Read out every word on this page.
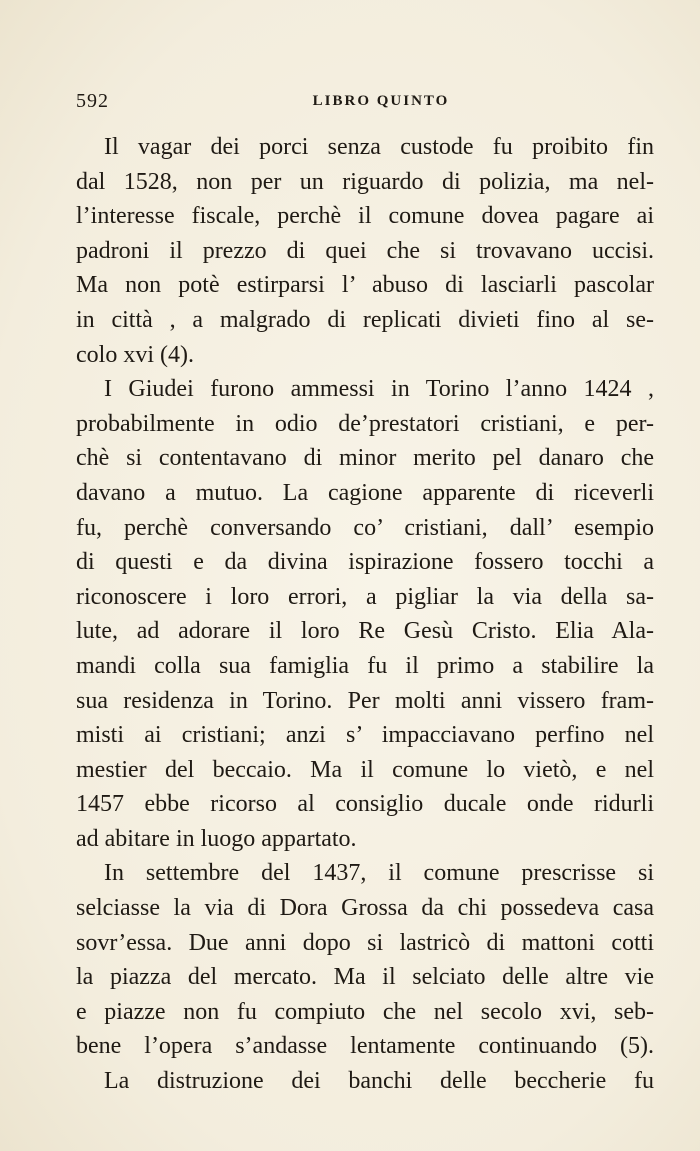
592	LIBRO QUINTO
Il vagar dei porci senza custode fu proibito fin
dal 1528, non per un riguardo di polizia, ma nel-
l’interesse fiscale, perchè il comune dovea pagare ai
padroni il prezzo di quei che si trovavano uccisi.
Ma non potè estirparsi l’ abuso di lasciarli pascolar
in città , a malgrado di replicati divieti fino al se-
colo xvi (4).
I Giudei furono ammessi in Torino l’anno 1424 ,
probabilmente in odio de’prestatori cristiani, e per-
chè si contentavano di minor merito pel danaro che
davano a mutuo. La cagione apparente di riceverli
fu, perchè conversando co’ cristiani, dall’ esempio
di questi e da divina ispirazione fossero tocchi a
riconoscere i loro errori, a pigliar la via della sa-
lute, ad adorare il loro Re Gesù Cristo. Elia Ala-
mandi colla sua famiglia fu il primo a stabilire la
sua residenza in Torino. Per molti anni vissero fram-
misti ai cristiani; anzi s’ impacciavano perfino nel
mestier del beccaio. Ma il comune lo vietò, e nel
1457 ebbe ricorso al consiglio ducale onde ridurli
ad abitare in luogo appartato.
In settembre del 1437, il comune prescrisse si
selciasse la via di Dora Grossa da chi possedeva casa
sovr’essa. Due anni dopo si lastricò di mattoni cotti
la piazza del mercato. Ma il selciato delle altre vie
e piazze non fu compiuto che nel secolo xvi, seb-
bene l’opera s’andasse lentamente continuando (5).
La distruzione dei banchi delle beccherie fu
